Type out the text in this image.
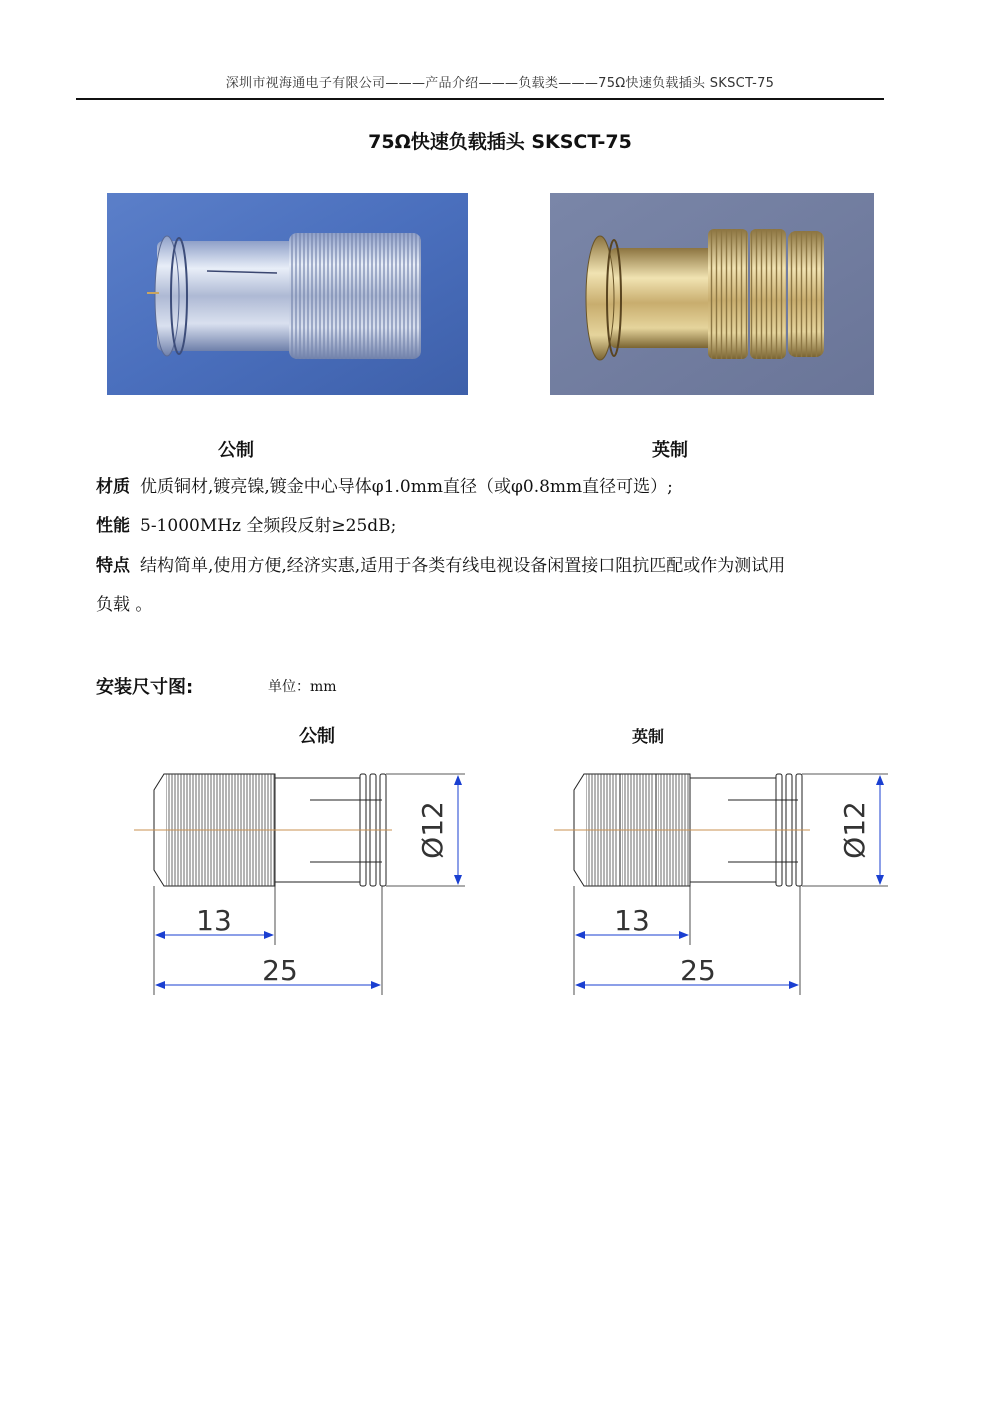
深圳市视海通电子有限公司———产品介绍———负载类———75Ω快速负载插头 SKSCT-75
75Ω快速负载插头 SKSCT-75
公制	英制
材质 优质铜材,镀亮镍,镀金中心导体φ1.0mm直径（或φ0.8mm直径可选）;
性能 5-1000MHz 全频段反射≥25dB;
特点 结构简单,使用方便,经济实惠,适用于各类有线电视设备闲置接口阻抗匹配或作为测试用
负载 。
安装尺寸图:	单位：mm
公制	英制
Ø12
13
25
Ø12
13
25
